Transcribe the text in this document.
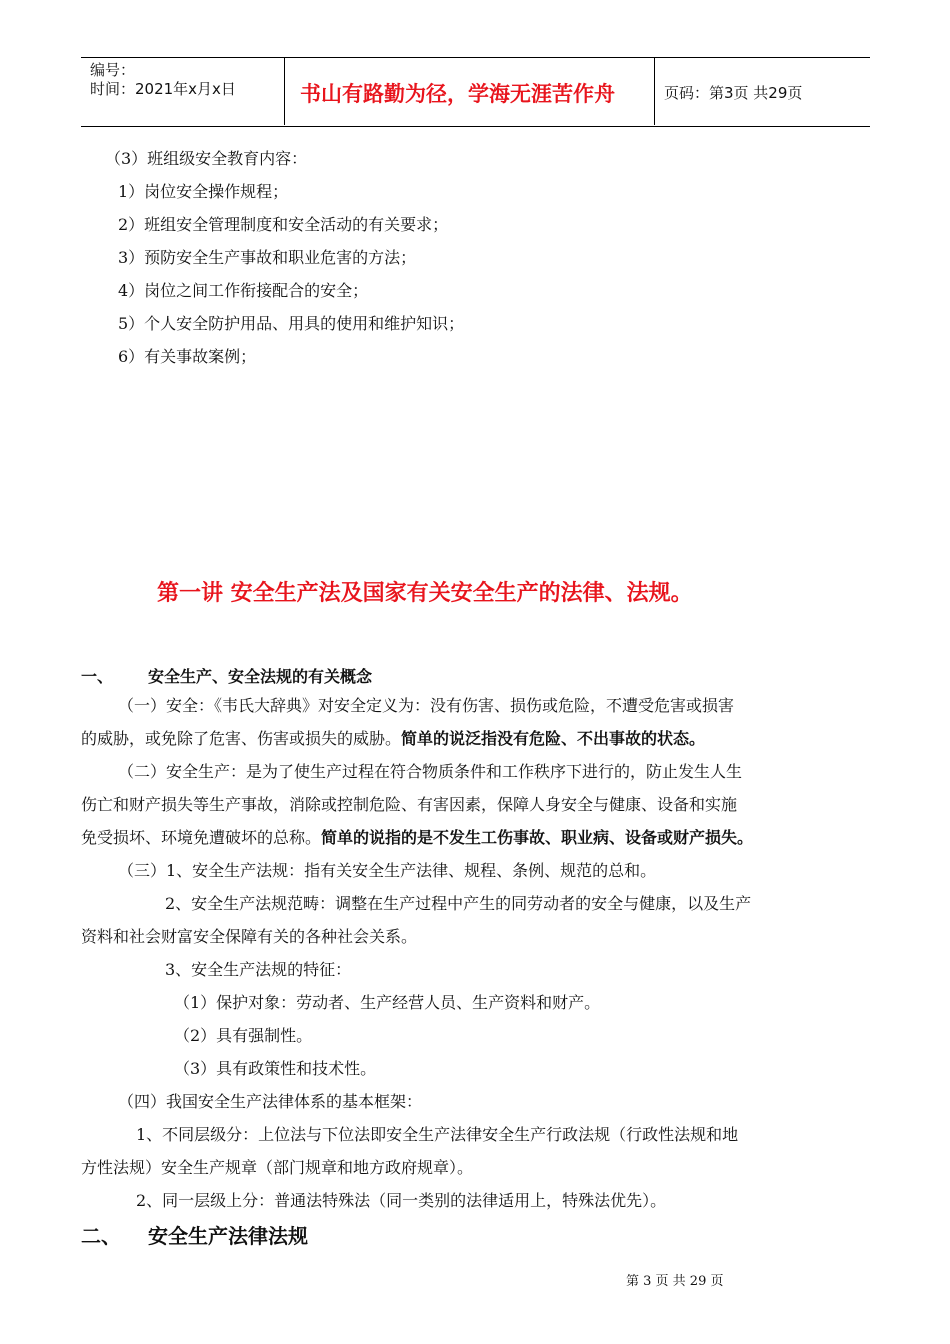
编号：
时间：2021年x月x日	书山有路勤为径，学海无涯苦作舟	页码：第3页 共29页
（3）班组级安全教育内容：
1）岗位安全操作规程；
2）班组安全管理制度和安全活动的有关要求；
3）预防安全生产事故和职业危害的方法；
4）岗位之间工作衔接配合的安全；
5）个人安全防护用品、用具的使用和维护知识；
6）有关事故案例；
第一讲 安全生产法及国家有关安全生产的法律、法规。
一、 安全生产、安全法规的有关概念
（一）安全：《韦氏大辞典》对安全定义为：没有伤害、损伤或危险，不遭受危害或损害
的威胁，或免除了危害、伤害或损失的威胁。简单的说泛指没有危险、不出事故的状态。
（二）安全生产：是为了使生产过程在符合物质条件和工作秩序下进行的，防止发生人生
伤亡和财产损失等生产事故，消除或控制危险、有害因素，保障人身安全与健康、设备和实施
免受损坏、环境免遭破坏的总称。简单的说指的是不发生工伤事故、职业病、设备或财产损失。
（三）1、安全生产法规：指有关安全生产法律、规程、条例、规范的总和。
2、安全生产法规范畴：调整在生产过程中产生的同劳动者的安全与健康，以及生产
资料和社会财富安全保障有关的各种社会关系。
3、安全生产法规的特征：
（1）保护对象：劳动者、生产经营人员、生产资料和财产。
（2）具有强制性。
（3）具有政策性和技术性。
（四）我国安全生产法律体系的基本框架：
1、不同层级分：上位法与下位法即安全生产法律安全生产行政法规（行政性法规和地
方性法规）安全生产规章（部门规章和地方政府规章）。
2、同一层级上分：普通法特殊法（同一类别的法律适用上，特殊法优先）。
二、 安全生产法律法规
第 3 页 共 29 页
